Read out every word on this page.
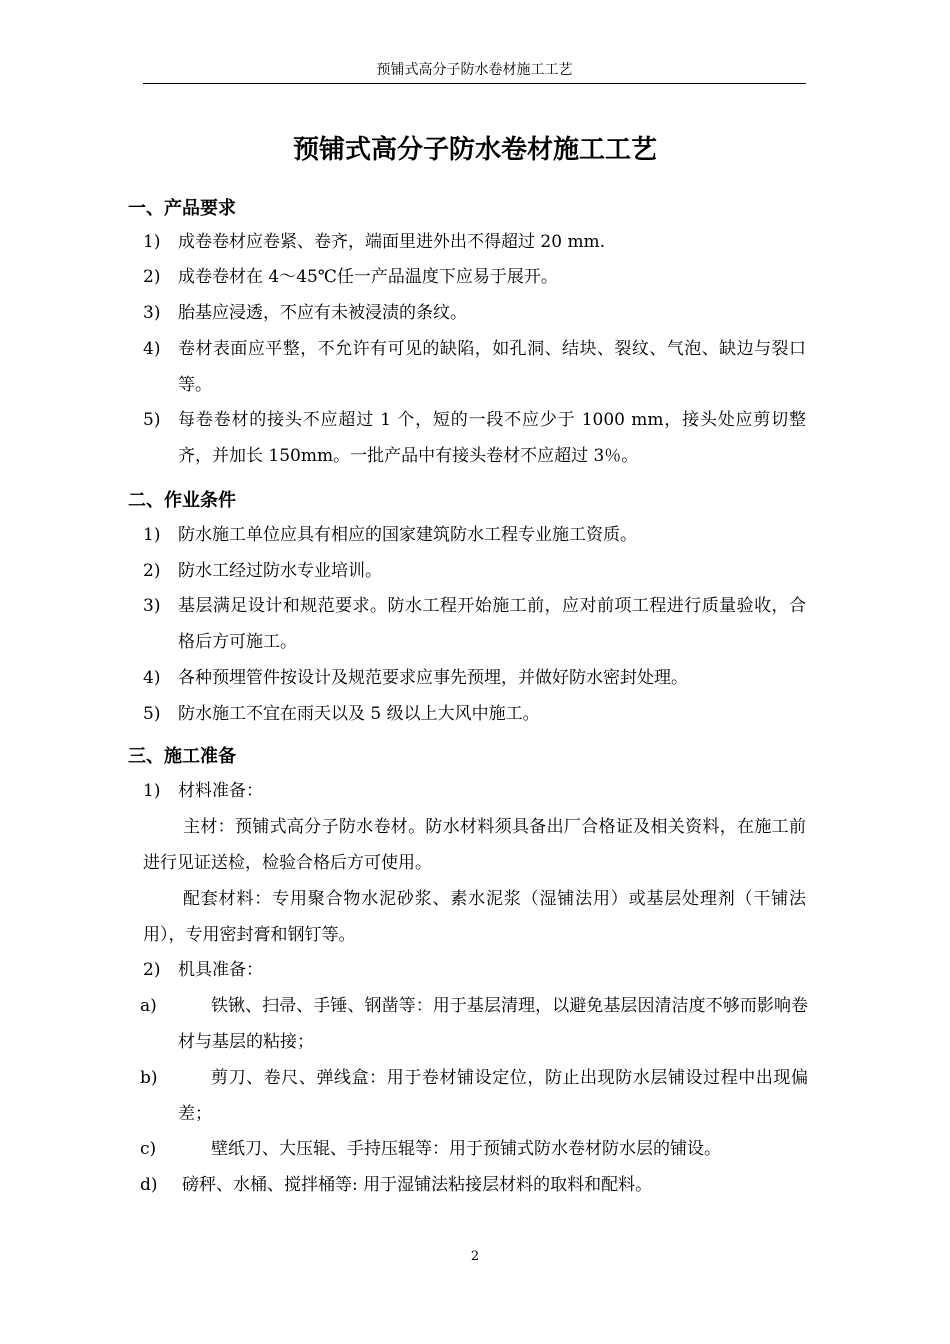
预铺式高分子防水卷材施工工艺
预铺式高分子防水卷材施工工艺
一、产品要求
1)	成卷卷材应卷紧、卷齐，端面里进外出不得超过 20 mm.
2)	成卷卷材在 4～45℃任一产品温度下应易于展开。
3)	胎基应浸透，不应有未被浸渍的条纹。
4)	卷材表面应平整，不允许有可见的缺陷，如孔洞、结块、裂纹、气泡、缺边与裂口等。
5)	每卷卷材的接头不应超过 1 个，短的一段不应少于 1000 mm，接头处应剪切整齐，并加长 150mm。一批产品中有接头卷材不应超过 3％。
二、作业条件
1)	防水施工单位应具有相应的国家建筑防水工程专业施工资质。
2)	防水工经过防水专业培训。
3)	基层满足设计和规范要求。防水工程开始施工前，应对前项工程进行质量验收，合格后方可施工。
4)	各种预埋管件按设计及规范要求应事先预埋，并做好防水密封处理。
5)	防水施工不宜在雨天以及 5 级以上大风中施工。
三、施工准备
1)	材料准备：
主材：预铺式高分子防水卷材。防水材料须具备出厂合格证及相关资料，在施工前进行见证送检，检验合格后方可使用。
配套材料：专用聚合物水泥砂浆、素水泥浆（湿铺法用）或基层处理剂（干铺法用），专用密封膏和钢钉等。
2)	机具准备：
a)	铁锹、扫帚、手锤、钢凿等：用于基层清理，以避免基层因清洁度不够而影响卷材与基层的粘接；
b)	剪刀、卷尺、弹线盒：用于卷材铺设定位，防止出现防水层铺设过程中出现偏差；
c)	壁纸刀、大压辊、手持压辊等：用于预铺式防水卷材防水层的铺设。
d)	磅秤、水桶、搅拌桶等: 用于湿铺法粘接层材料的取料和配料。
2
